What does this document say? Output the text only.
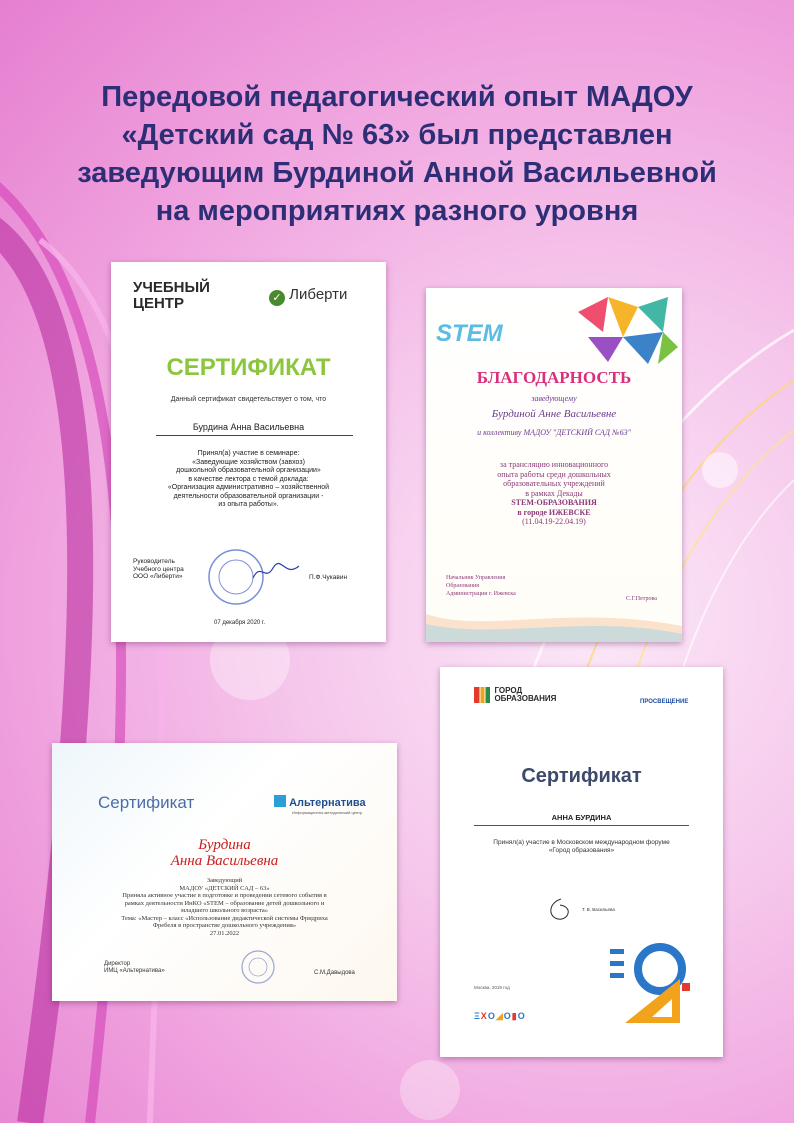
Передовой педагогический опыт МАДОУ
«Детский сад № 63» был представлен
заведующим Бурдиной Анной Васильевной
на мероприятиях разного уровня
УЧЕБНЫЙ
ЦЕНТР	✓ Либерти
СЕРТИФИКАТ
Данный сертификат свидетельствует о том, что
Бурдина Анна Васильевна
Принял(а) участие в семинаре:
«Заведующие хозяйством (завхоз)
дошкольной образовательной организации»
в качестве лектора с темой доклада:
«Организация административно – хозяйственной
деятельности образовательной организации -
из опыта работы».
Руководитель
Учебного центра
ООО «Либерти»	П.Ф.Чукавин
07 декабря 2020 г.
STEM
БЛАГОДАРНОСТЬ
заведующему
Бурдиной Анне Васильевне
и коллективу МАДОУ "ДЕТСКИЙ САД №63"
за трансляцию инновационного
опыта работы среди дошкольных
образовательных учреждений
в рамках Декады
STEM-ОБРАЗОВАНИЯ
в городе ИЖЕВСКЕ
(11.04.19-22.04.19)
Начальник Управления
Образования
Администрации г. Ижевска
С.Г.Петрова
Сертификат	Альтернатива
Информационно-методический центр
Бурдина
Анна Васильевна
Заведующий
МАДОУ «ДЕТСКИЙ САД – 63»
Приняла активное участие в подготовке и проведении сетевого события в
рамках деятельности ИнКО «STEM – образование детей дошкольного и
младшего школьного возраста»
Тема: «Мастер – класс «Использование дидактической системы Фридриха
Фребеля в пространстве дошкольного учреждения»
27.01.2022
Директор
ИМЦ «Альтернатива»	С.М.Давыдова

ГОРОД
ОБРАЗОВАНИЯ	ПРОСВЕЩЕНИЕ
Сертификат
АННА БУРДИНА
Принял(а) участие в Московском международном форуме
«Город образования»
Т. В. Васильева
Москва, 2019 год
ΞXO◢O▮O
